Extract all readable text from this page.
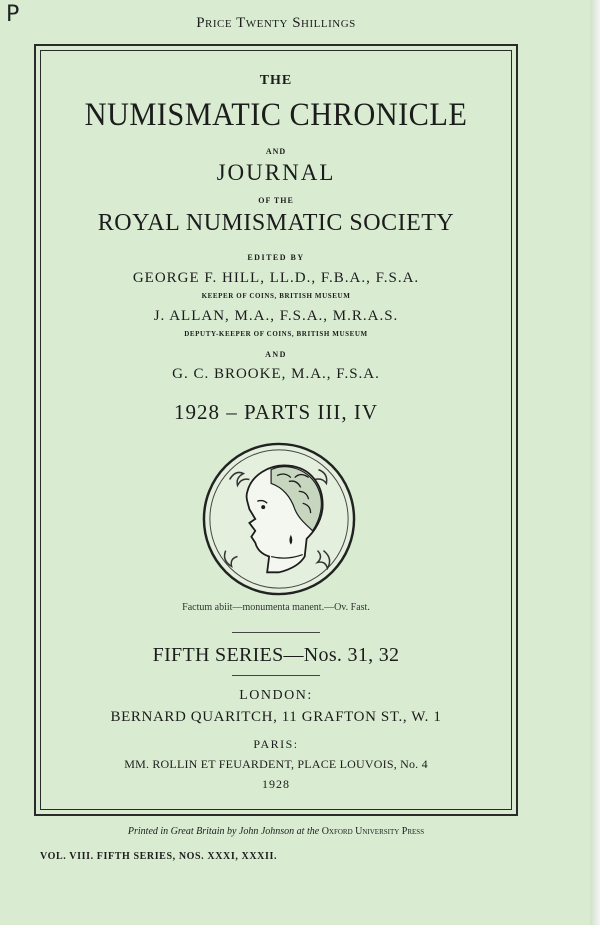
P	Price Twenty Shillings
THE
NUMISMATIC CHRONICLE
AND
JOURNAL
OF THE
ROYAL NUMISMATIC SOCIETY
EDITED BY
GEORGE F. HILL, LL.D., F.B.A., F.S.A.
KEEPER OF COINS, BRITISH MUSEUM
J. ALLAN, M.A., F.S.A., M.R.A.S.
DEPUTY-KEEPER OF COINS, BRITISH MUSEUM
AND
G. C. BROOKE, M.A., F.S.A.
1928 – PARTS III, IV
Factum abiit—monumenta manent.—Ov. Fast.
FIFTH SERIES—Nos. 31, 32
LONDON:
BERNARD QUARITCH, 11 GRAFTON ST., W. 1
PARIS:
MM. ROLLIN ET FEUARDENT, PLACE LOUVOIS, No. 4
1928
Printed in Great Britain by John Johnson at the Oxford University Press
VOL. VIII. FIFTH SERIES, NOS. XXXI, XXXII.
